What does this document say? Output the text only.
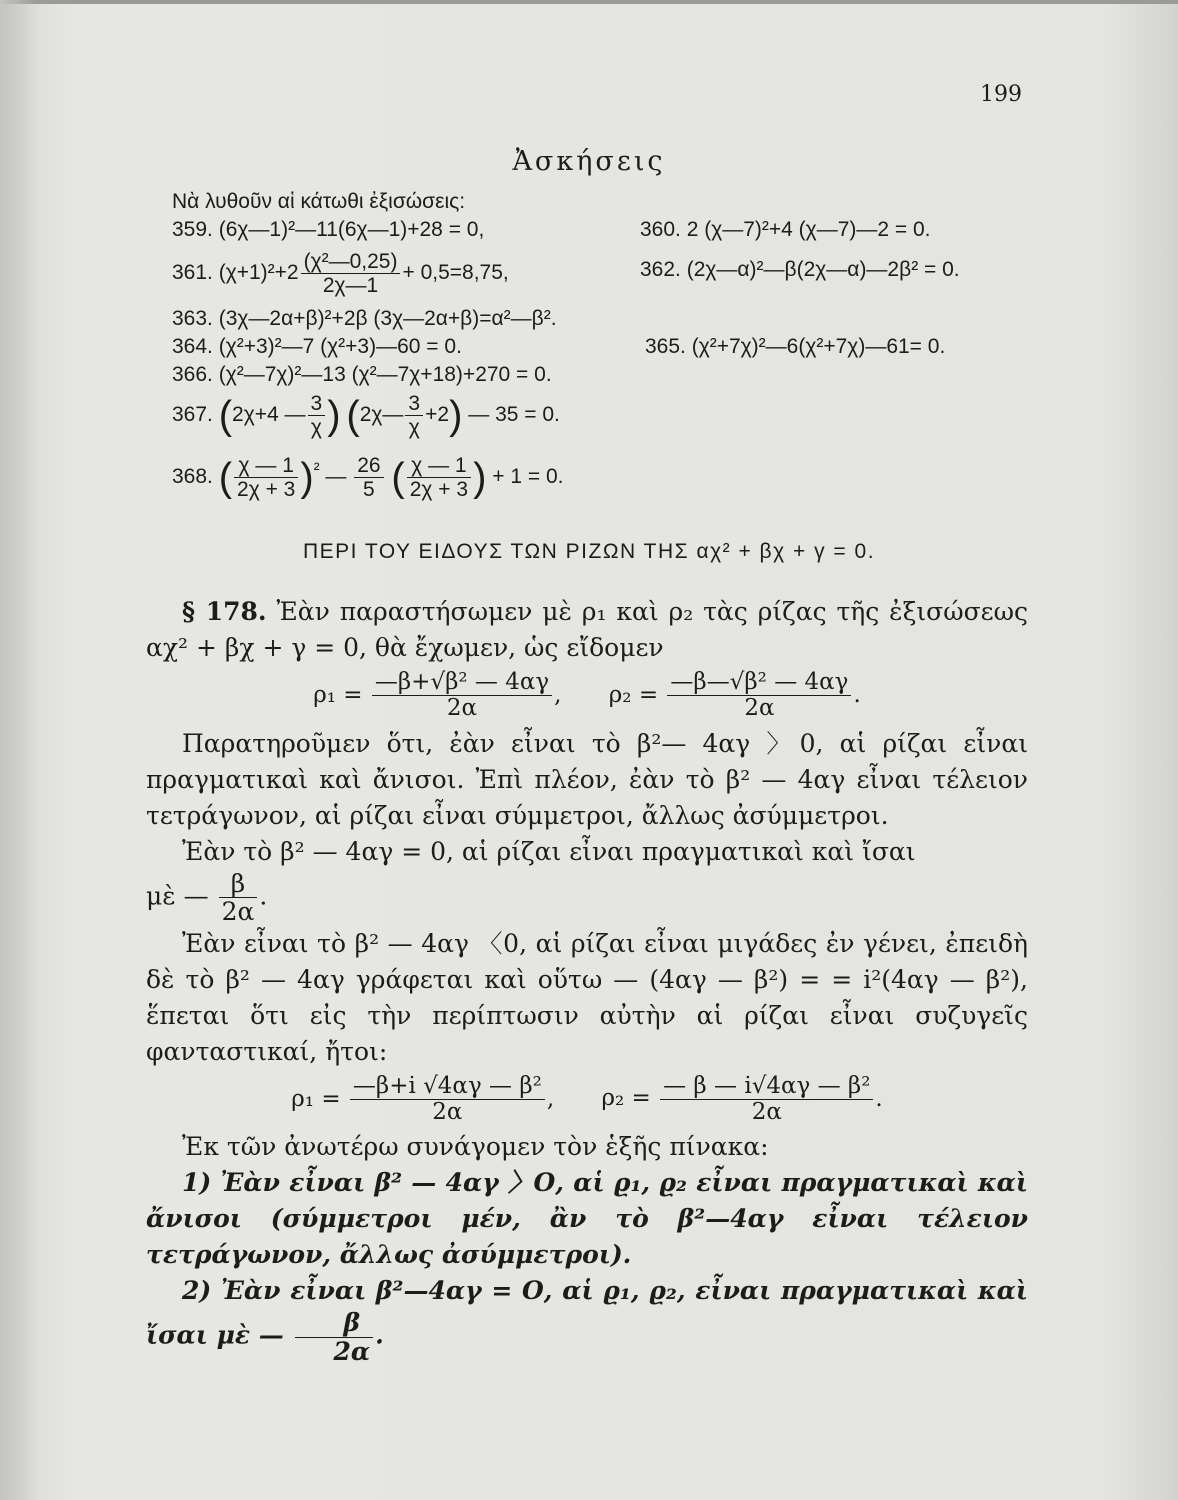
199
Ἀσκήσεις
Νὰ λυθοῦν αἱ κάτωθι ἐξισώσεις:
359. (6χ—1)²—11(6χ—1)+28 = 0,	360. 2 (χ—7)²+4 (χ—7)—2 = 0.
361. $(\chi+1)^2+2 \frac{\text{(χ²—0,25)}}{2\chi—1} + 0,5=8,75$,	362. (2χ—α)²—β(2χ—α)—2β² = 0.
363. (3χ—2α+β)²+2β (3χ—2α+β)=α²—β².
364. (χ²+3)²—7 (χ²+3)—60 = 0.	365. (χ²+7χ)²—6(χ²+7χ)—61= 0.
366. (χ²—7χ)²—13 (χ²—7χ+18)+270 = 0.
367. (2χ+4 — $\frac{3}{\chi}$ ) (2χ— $\frac{3}{\chi} +2$) — 35 = 0.
368. ( $\frac{\chi — 1}{2\chi + 3} )^{^2}$ — $\frac{26}{5}$ ( $\frac{\chi — 1}{2\chi + 3}$ ) + 1 = 0.
ΠΕΡΙ ΤΟΥ ΕΙΔΟΥΣ ΤΩΝ ΡΙΖΩΝ ΤΗΣ αχ² + βχ + γ = 0.

§ 178. Ἐὰν παραστήσωμεν μὲ ρ₁ καὶ ρ₂ τὰς ρίζας τῆς ἐξισώσεως αχ² + βχ + γ = 0, θὰ ἔχωμεν, ὡς εἴδομεν

$\rho_1 = \frac{\text{—β+√β² — 4αγ}}{2\alpha}$ , $\rho_2 = \frac{\text{—β—√β² — 4αγ}}{2\alpha}$ .

Παρατηροῦμεν ὅτι, ἐὰν εἶναι τὸ β²— 4αγ 〉0, αἱ ρίζαι εἶναι πραγματικαὶ καὶ ἄνισοι. Ἐπὶ πλέον, ἐὰν τὸ β² — 4αγ εἶναι τέλειον τετράγωνον, αἱ ρίζαι εἶναι σύμμετροι, ἄλλως ἀσύμμετροι.

Ἐὰν τὸ β² — 4αγ = 0, αἱ ρίζαι εἶναι πραγματικαὶ καὶ ἴσαι

μὲ — $\frac{\beta}{2\alpha}$ .

Ἐὰν εἶναι τὸ β² — 4αγ 〈0, αἱ ρίζαι εἶναι μιγάδες ἐν γένει, ἐπειδὴ δὲ τὸ β² — 4αγ γράφεται καὶ οὕτω — (4αγ — β²) = = i²(4αγ — β²), ἕπεται ὅτι εἰς τὴν περίπτωσιν αὐτὴν αἱ ρίζαι εἶναι συζυγεῖς φανταστικαί, ἤτοι:

$\rho_1 = \frac{\text{—β+i √4αγ — β²}}{2\alpha}$ , $\rho_2 = \frac{\text{— β — i√4αγ — β²}}{2\alpha}$ .

Ἐκ τῶν ἀνωτέρω συνάγομεν τὸν ἑξῆς πίνακα:

1) Ἐὰν εἶναι β² — 4αγ 〉Ο, αἱ ϱ₁, ϱ₂ εἶναι πραγματικαὶ καὶ ἄνισοι (σύμμετροι μέν, ἂν τὸ β²—4αγ εἶναι τέλειον τετράγωνον, ἄλλως ἀσύμμετροι).

2) Ἐὰν εἶναι β²—4αγ = Ο, αἱ ϱ₁, ϱ₂, εἶναι πραγματικαὶ καὶ ἴσαι μὲ — $\frac{\beta}{2\alpha}$ .
